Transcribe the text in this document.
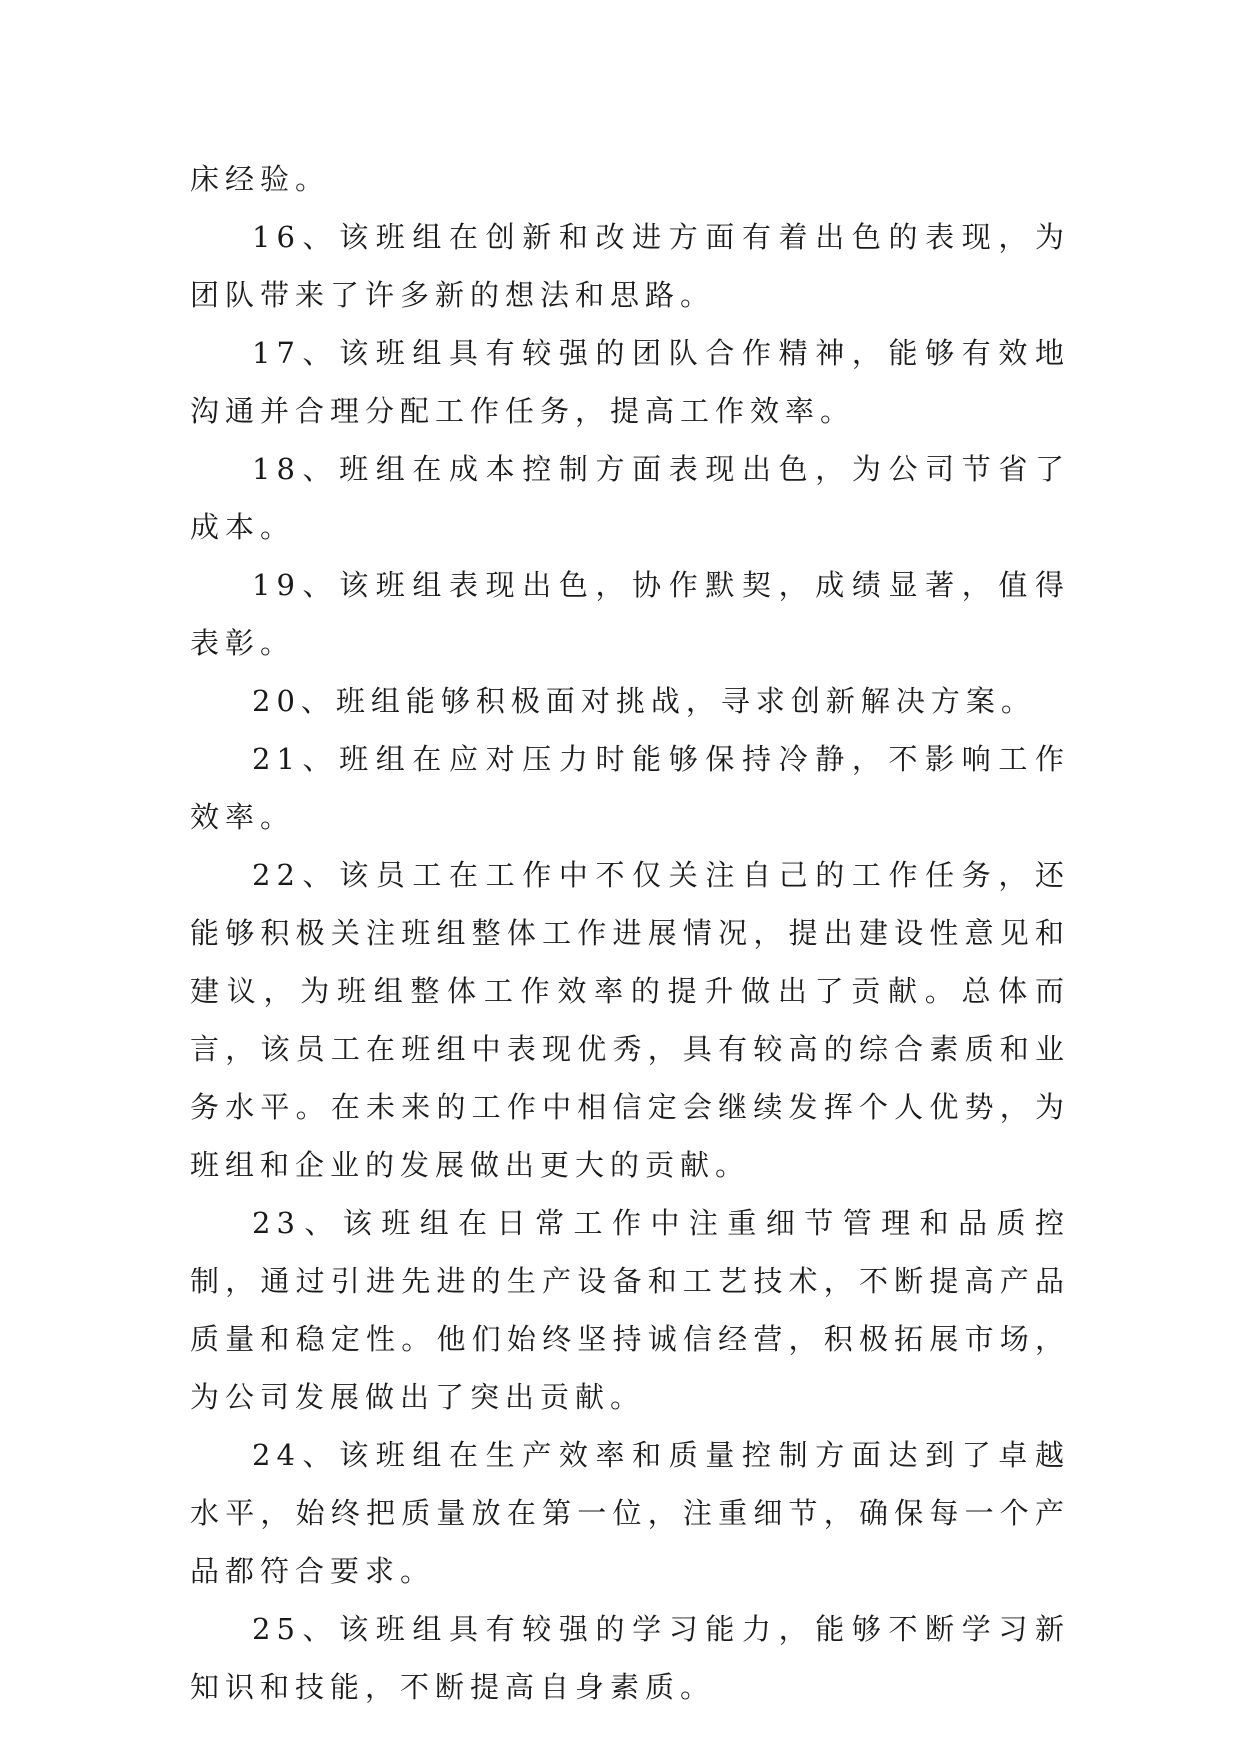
床经验。

16、该班组在创新和改进方面有着出色的表现，为团队带来了许多新的想法和思路。

17、该班组具有较强的团队合作精神，能够有效地沟通并合理分配工作任务，提高工作效率。

18、班组在成本控制方面表现出色，为公司节省了成本。

19、该班组表现出色，协作默契，成绩显著，值得表彰。

20、班组能够积极面对挑战，寻求创新解决方案。

21、班组在应对压力时能够保持冷静，不影响工作效率。

22、该员工在工作中不仅关注自己的工作任务，还能够积极关注班组整体工作进展情况，提出建设性意见和建议，为班组整体工作效率的提升做出了贡献。总体而言，该员工在班组中表现优秀，具有较高的综合素质和业务水平。在未来的工作中相信定会继续发挥个人优势，为班组和企业的发展做出更大的贡献。

23、该班组在日常工作中注重细节管理和品质控制，通过引进先进的生产设备和工艺技术，不断提高产品质量和稳定性。他们始终坚持诚信经营，积极拓展市场，为公司发展做出了突出贡献。

24、该班组在生产效率和质量控制方面达到了卓越水平，始终把质量放在第一位，注重细节，确保每一个产品都符合要求。

25、该班组具有较强的学习能力，能够不断学习新知识和技能，不断提高自身素质。
